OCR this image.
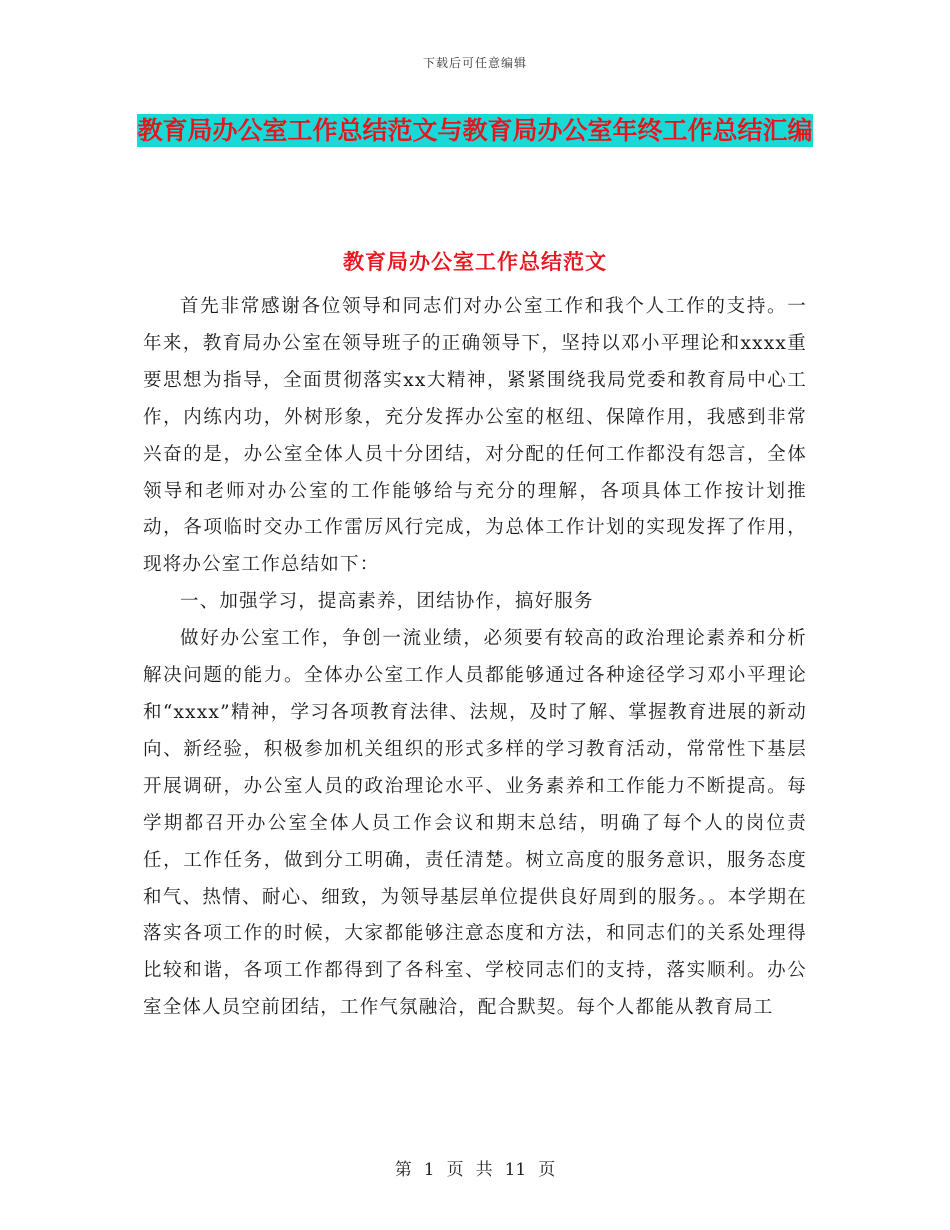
下载后可任意编辑
教育局办公室工作总结范文与教育局办公室年终工作总结汇编
教育局办公室工作总结范文

首先非常感谢各位领导和同志们对办公室工作和我个人工作的支持。一年来，教育局办公室在领导班子的正确领导下，坚持以邓小平理论和xxxx重要思想为指导，全面贯彻落实xx大精神，紧紧围绕我局党委和教育局中心工作，内练内功，外树形象，充分发挥办公室的枢纽、保障作用，我感到非常兴奋的是，办公室全体人员十分团结，对分配的任何工作都没有怨言，全体领导和老师对办公室的工作能够给与充分的理解，各项具体工作按计划推动，各项临时交办工作雷厉风行完成，为总体工作计划的实现发挥了作用，现将办公室工作总结如下：

一、加强学习，提高素养，团结协作，搞好服务

做好办公室工作，争创一流业绩，必须要有较高的政治理论素养和分析解决问题的能力。全体办公室工作人员都能够通过各种途径学习邓小平理论和“xxxx”精神，学习各项教育法律、法规，及时了解、掌握教育进展的新动向、新经验，积极参加机关组织的形式多样的学习教育活动，常常性下基层开展调研，办公室人员的政治理论水平、业务素养和工作能力不断提高。每学期都召开办公室全体人员工作会议和期末总结，明确了每个人的岗位责任，工作任务，做到分工明确，责任清楚。树立高度的服务意识，服务态度和气、热情、耐心、细致，为领导基层单位提供良好周到的服务。。本学期在落实各项工作的时候，大家都能够注意态度和方法，和同志们的关系处理得比较和谐，各项工作都得到了各科室、学校同志们的支持，落实顺利。办公室全体人员空前团结，工作气氛融洽，配合默契。每个人都能从教育局工

第 1 页 共 11 页
